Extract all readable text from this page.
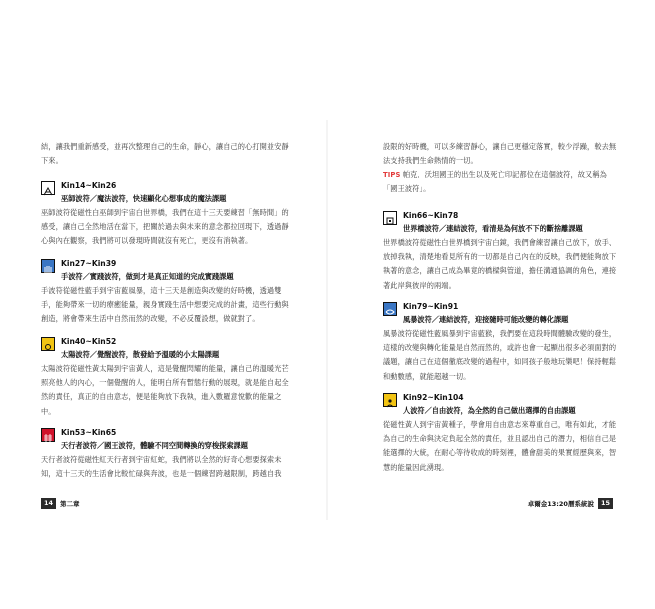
結，讓我們重新感受，並再次整理自己的生命，靜心，讓自己的心打開並安靜下來。
Kin14~Kin26
巫師波符／魔法波符，快速顯化心想事成的魔法課題
巫師波符從磁性白巫師到宇宙白世界橋，我們在這十三天要練習「無時間」的感受，讓自己全然地活在當下，把關於過去與未來的意念都拉回現下，透過靜心與內在觀察，我們將可以發現時間就沒有死亡，更沒有消執著。
Kin27~Kin39
手波符／實踐波符，做到才是真正知道的完成實踐課題
手波符從磁性藍手到宇宙藍風暴，這十三天是創造與改變的好時機，透過雙手，能夠帶來一切的療癒能量，親身實踐生活中想要完成的計畫，這些行動與創造，將會帶來生活中自然而然的改變，不必反覆設想，做就對了。
Kin40~Kin52
太陽波符／覺醒波符，散發給予溫暖的小太陽課題
太陽波符從磁性黃太陽到宇宙黃人，這是覺醒閃耀的能量，讓自己的溫暖光芒照亮他人的內心，一個覺醒的人，能明白所有暫態行動的展現，就是能自起全然的責任，真正的自由意志，便是能夠放下我執，進入數羅意悅歡的能量之中。
Kin53~Kin65
天行者波符／國王波符，體驗不同空間轉換的穿梭探索課題
天行者波符從磁性紅天行者到宇宙紅蛇，我們將以全然的好奇心想要探索未知，這十三天的生活會比較忙碌與奔波，也是一個練習跨越限制，跨越自我
14	第二章
設限的好時機，可以多練習靜心，讓自己更穩定落實，較少浮躁，較去無法支持我們生命熱情的一切。
TIPS 帕克．沃坦國王的出生以及死亡印記都位在這個波符，故又稱為「國王波符」。
Kin66~Kin78
世界橋波符／連結波符，看清是為何放不下的斷捨離課題
世界橋波符從磁性白世界橋到宇宙白鏡，我們會練習讓自己放下，放手、放掉我執，清楚地看見所有的一切都是自己內在的反映，我們便能夠放下執著的意念，讓自己成為畢竟的橋樑與管道，擔任溝通協調的角色，連接著此岸與彼岸的兩端。
Kin79~Kin91
風暴波符／連結波符，迎接隨時可能改變的轉化課題
風暴波符從磁性藍風暴到宇宙藍猴，我們要在這段時間體驗改變的發生，這樣的改變與轉化能量是自然而然的，或許也會一起顯出很多必須面對的議題，讓自己在這個徹底改變的過程中，如同孩子般地玩樂吧！保持輕鬆和動數感，就能超越一切。
Kin92~Kin104
人波符／自由波符，為全然的自己做出選擇的自由課題
從磁性黃人到宇宙黃種子，學會用自由意志來尊重自己，唯有如此，才能為自己的生命與決定負起全然的責任，並且認出自己的潛力，相信自己是能選擇的大統，在耐心等待收成的時刻裡，體會甜美的果實經歷與來，智慧的能量因此湧現。
卓爾金13:20曆系統說	15
